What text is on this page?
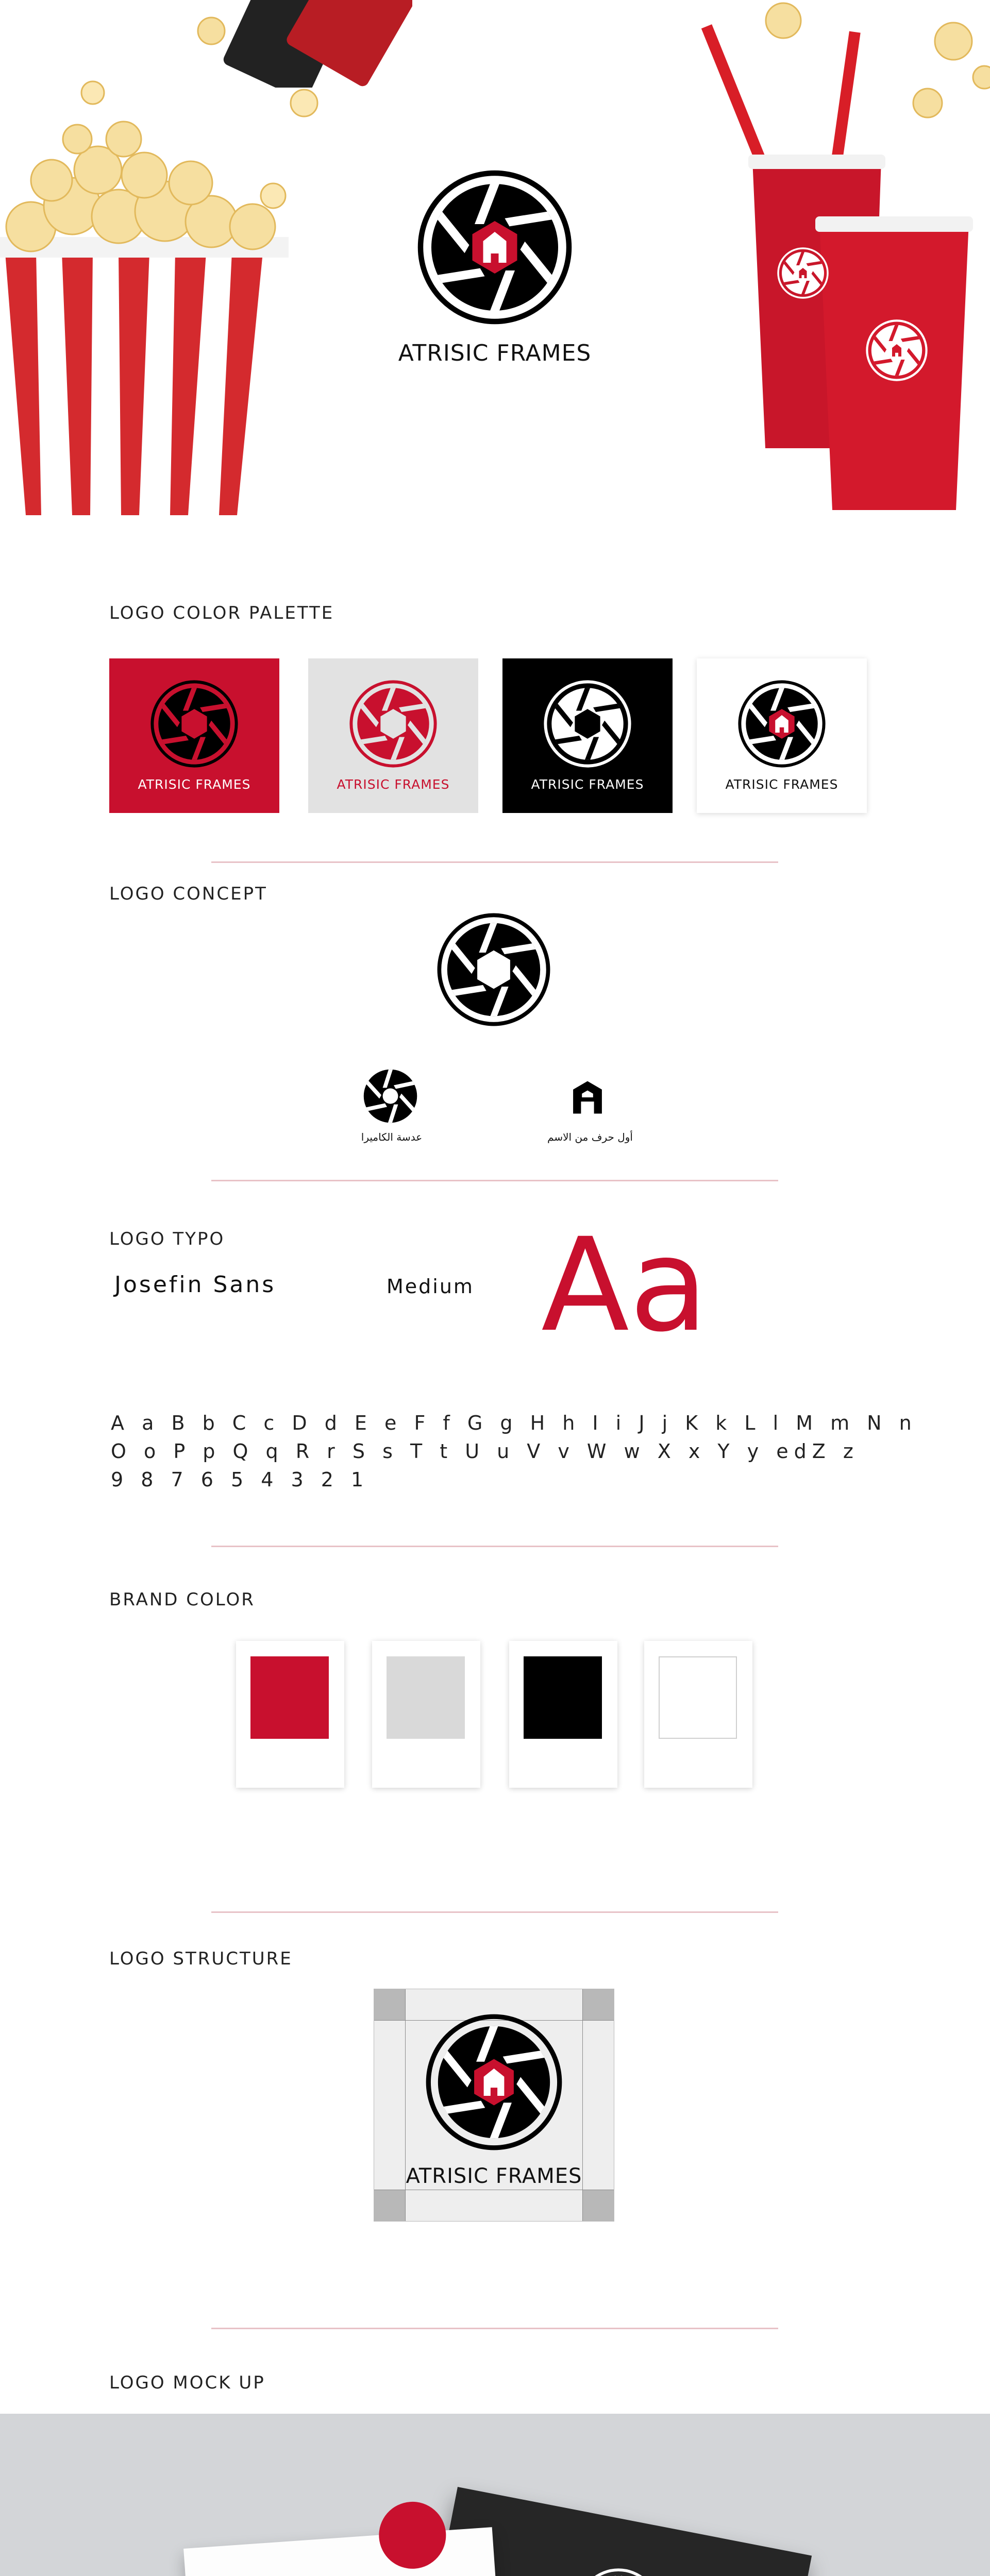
ATRISIC FRAMES
LOGO COLOR PALETTE
ATRISIC FRAMES	ATRISIC FRAMES	ATRISIC FRAMES	ATRISIC FRAMES
LOGO CONCEPT
عدسة الكاميرا	أول حرف من الاسم
LOGO TYPO
Josefin Sans	Medium Aa
A a B b C c D d E e F f G g H h I i J j K k L l M m N n
O o P p Q q R r S s T t U u V v W w X x Y y edZ z
9 8 7 6 5 4 3 2 1
BRAND COLOR
LOGO STRUCTURE
ATRISIC FRAMES
LOGO MOCK UP
